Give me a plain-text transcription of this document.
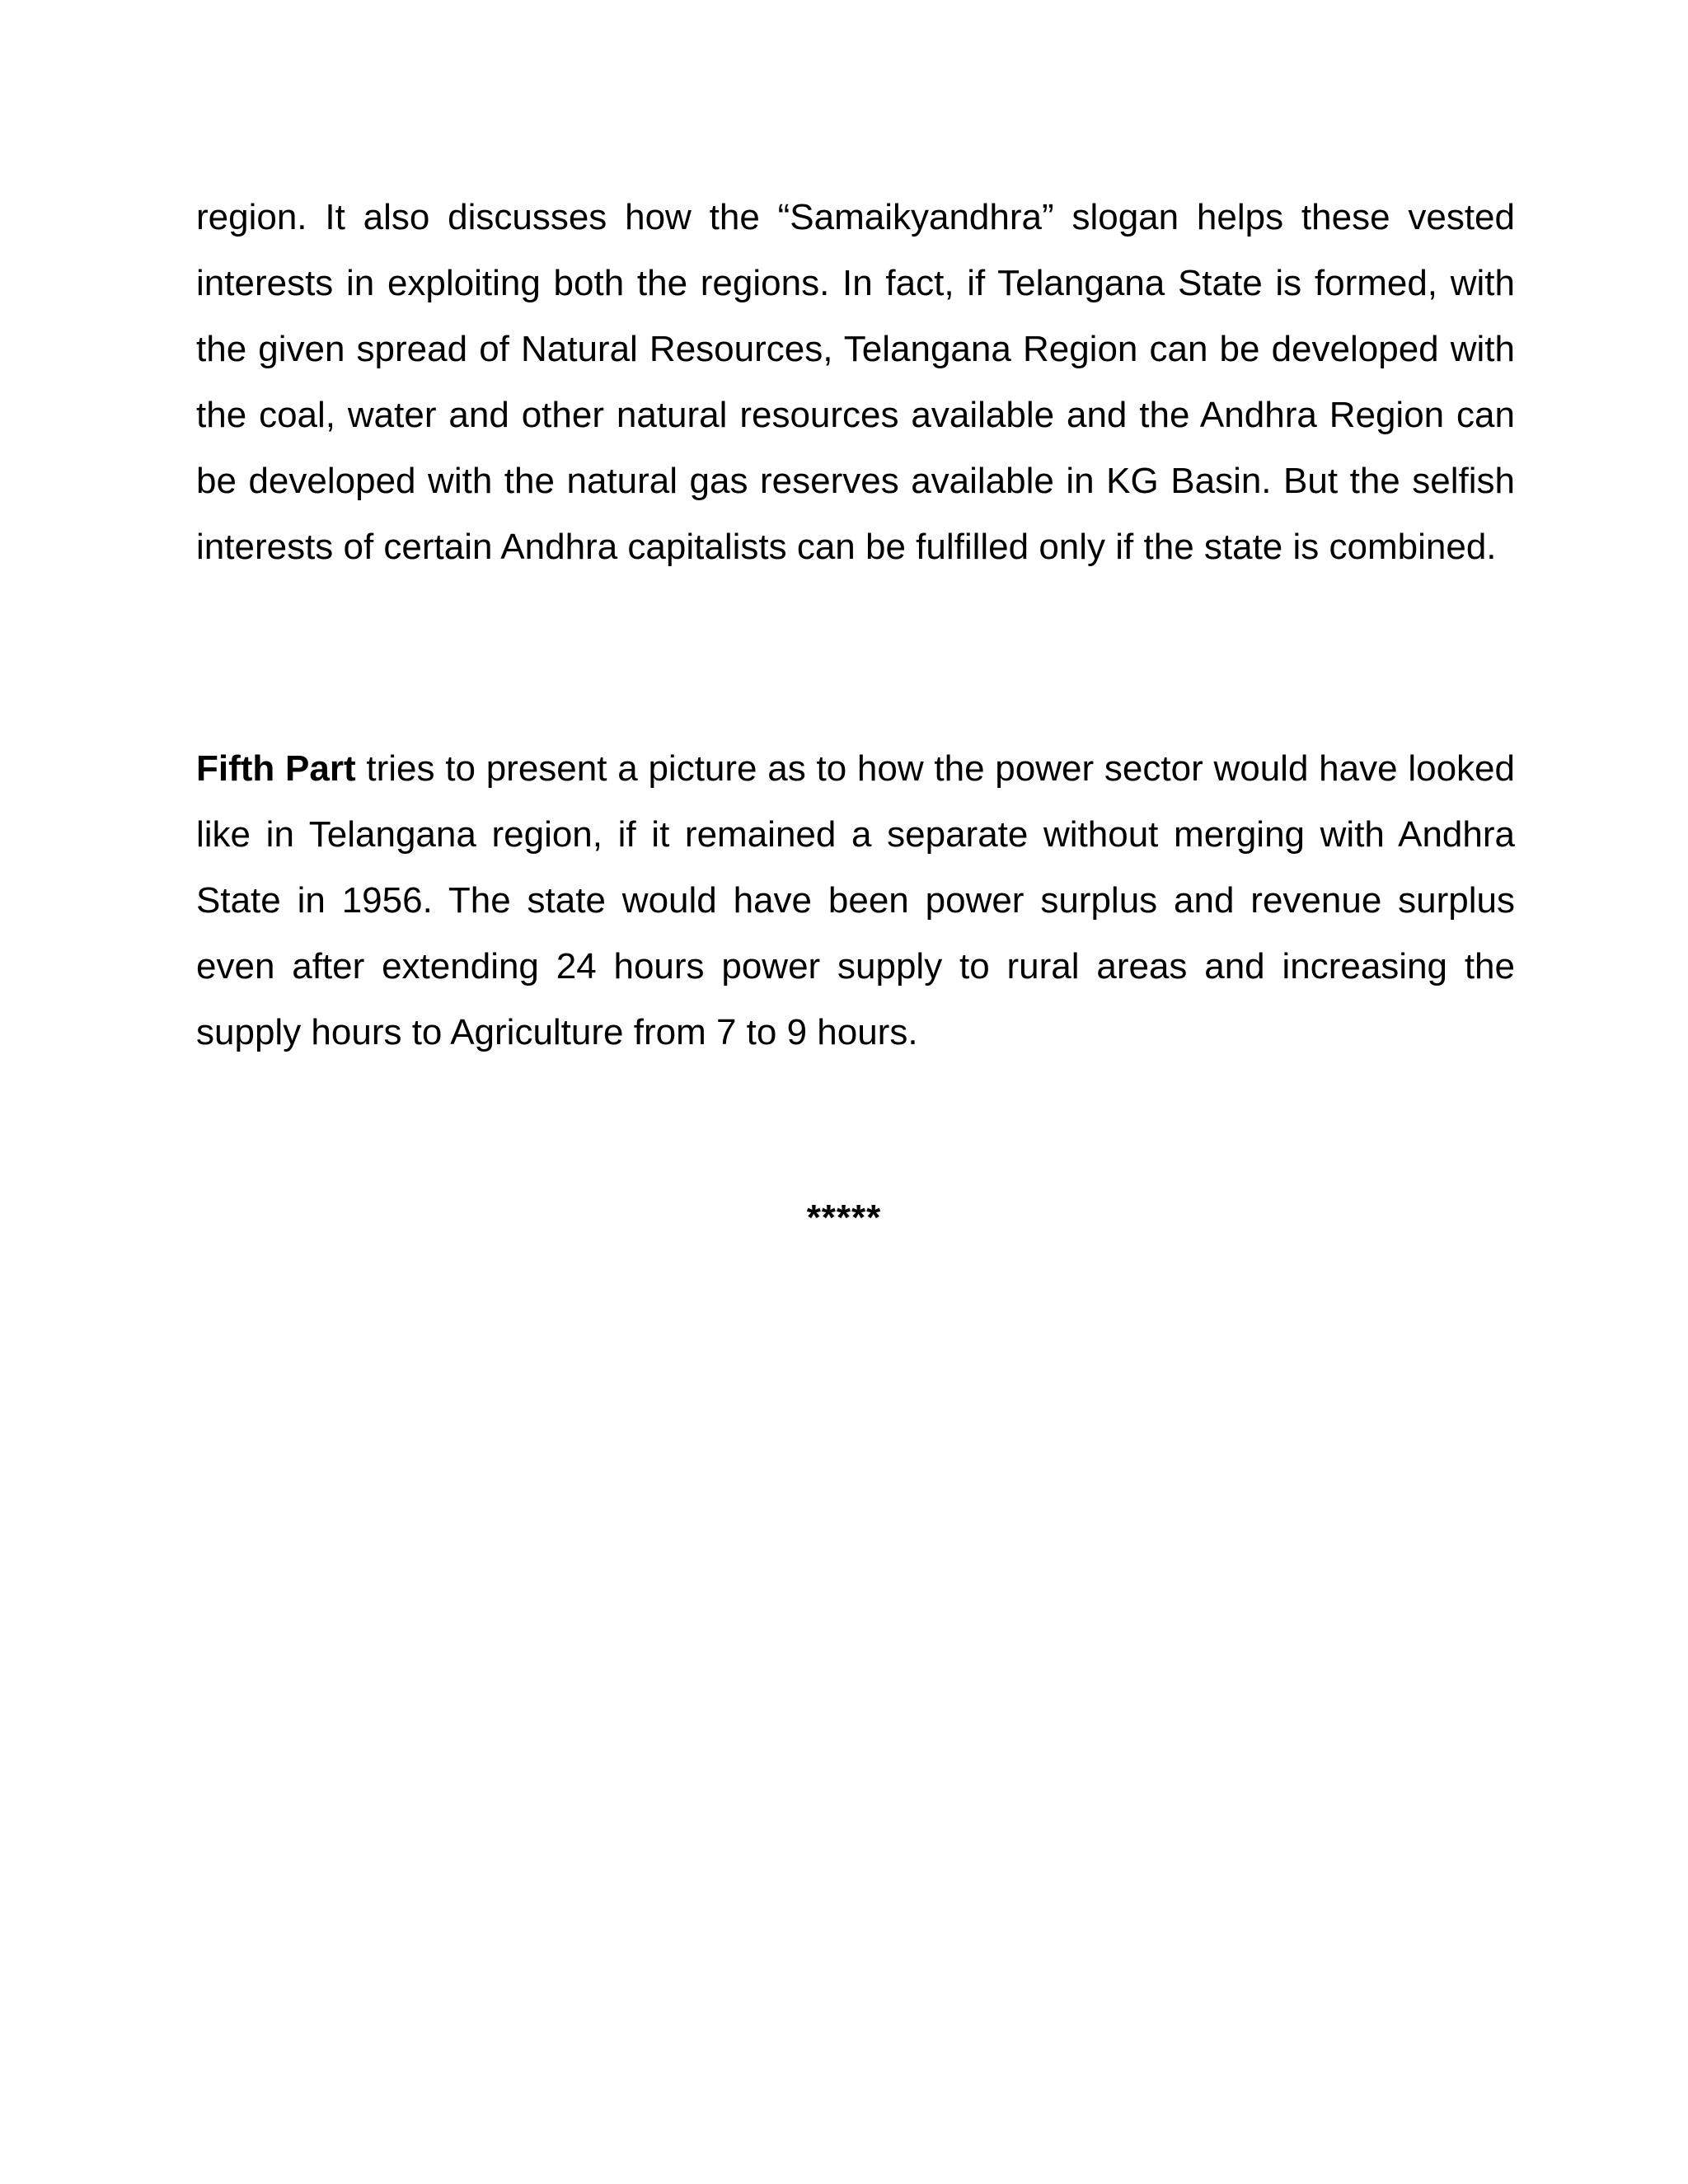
region. It also discusses how the “Samaikyandhra” slogan helps these vested interests in exploiting both the regions. In fact, if Telangana State is formed, with the given spread of Natural Resources, Telangana Region can be developed with the coal, water and other natural resources available and the Andhra Region can be developed with the natural gas reserves available in KG Basin. But the selfish interests of certain Andhra capitalists can be fulfilled only if the state is combined.

Fifth Part tries to present a picture as to how the power sector would have looked like in Telangana region, if it remained a separate without merging with Andhra State in 1956. The state would have been power surplus and revenue surplus even after extending 24 hours power supply to rural areas and increasing the supply hours to Agriculture from 7 to 9 hours.

*****
